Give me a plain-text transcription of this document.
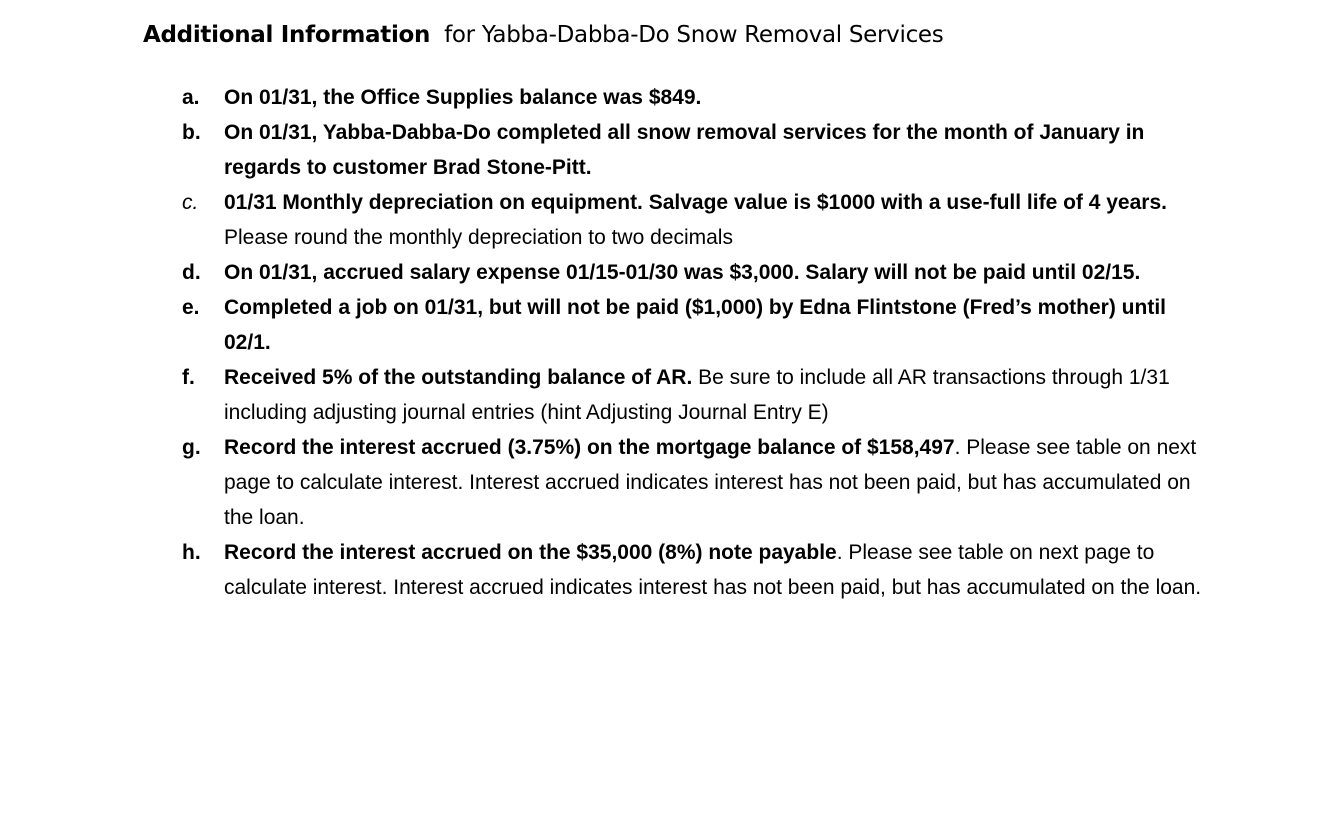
Additional Information for Yabba-Dabba-Do Snow Removal Services
a.	On 01/31, the Office Supplies balance was $849.
b.	On 01/31, Yabba-Dabba-Do completed all snow removal services for the month of January in regards to customer Brad Stone-Pitt.
c.	01/31 Monthly depreciation on equipment. Salvage value is $1000 with a use-full life of 4 years. Please round the monthly depreciation to two decimals
d.	On 01/31, accrued salary expense 01/15-01/30 was $3,000. Salary will not be paid until 02/15.
e.	Completed a job on 01/31, but will not be paid ($1,000) by Edna Flintstone (Fred’s mother) until 02/1.
f.	Received 5% of the outstanding balance of AR. Be sure to include all AR transactions through 1/31 including adjusting journal entries (hint Adjusting Journal Entry E)
g.	Record the interest accrued (3.75%) on the mortgage balance of $158,497. Please see table on next page to calculate interest. Interest accrued indicates interest has not been paid, but has accumulated on the loan.
h.	Record the interest accrued on the $35,000 (8%) note payable. Please see table on next page to calculate interest. Interest accrued indicates interest has not been paid, but has accumulated on the loan.
